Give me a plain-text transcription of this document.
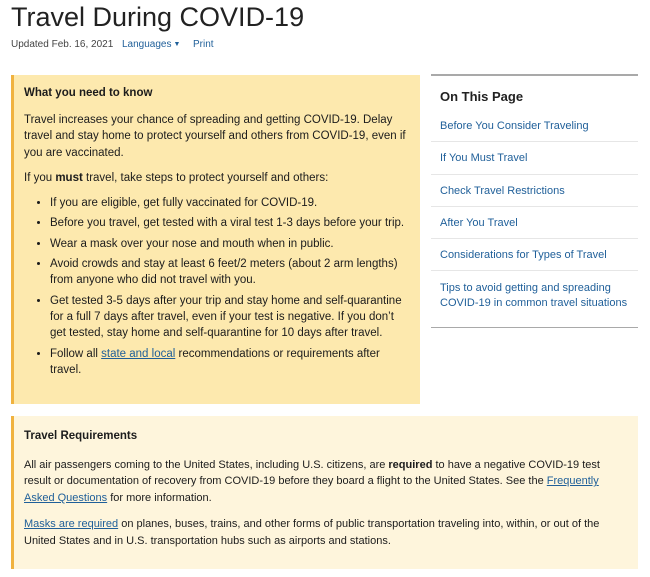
Travel During COVID-19
Updated Feb. 16, 2021 Languages ▼ Print
What you need to know

Travel increases your chance of spreading and getting COVID-19. Delay travel and stay home to protect yourself and others from COVID-19, even if you are vaccinated.

If you must travel, take steps to protect yourself and others:

• If you are eligible, get fully vaccinated for COVID-19.
• Before you travel, get tested with a viral test 1-3 days before your trip.
• Wear a mask over your nose and mouth when in public.
• Avoid crowds and stay at least 6 feet/2 meters (about 2 arm lengths) from anyone who did not travel with you.
• Get tested 3-5 days after your trip and stay home and self-quarantine for a full 7 days after travel, even if your test is negative. If you don’t get tested, stay home and self-quarantine for 10 days after travel.
• Follow all state and local recommendations or requirements after travel.
On This Page
Before You Consider Traveling
If You Must Travel
Check Travel Restrictions
After You Travel
Considerations for Types of Travel
Tips to avoid getting and spreading COVID-19 in common travel situations
Travel Requirements

All air passengers coming to the United States, including U.S. citizens, are required to have a negative COVID-19 test result or documentation of recovery from COVID-19 before they board a flight to the United States. See the Frequently Asked Questions for more information.

Masks are required on planes, buses, trains, and other forms of public transportation traveling into, within, or out of the United States and in U.S. transportation hubs such as airports and stations.
